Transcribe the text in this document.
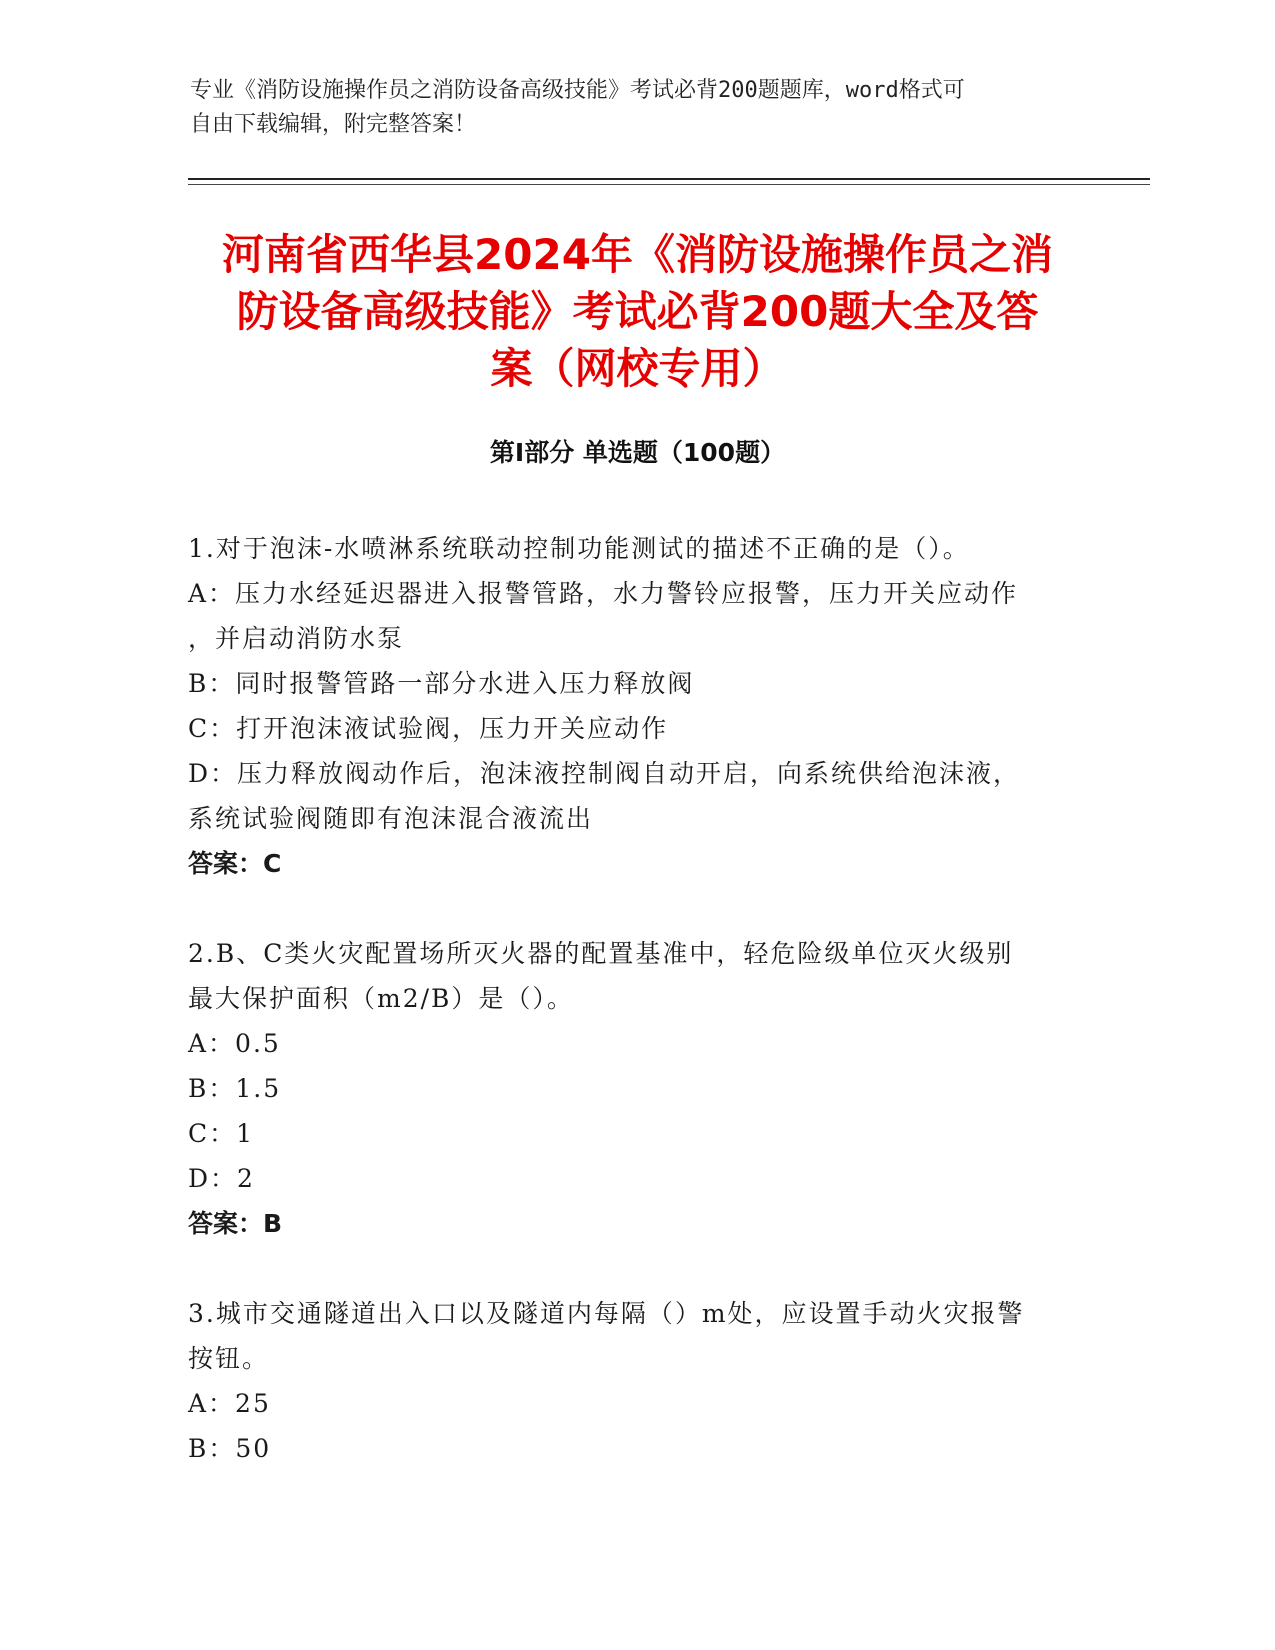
专业《消防设施操作员之消防设备高级技能》考试必背200题题库，word格式可
自由下载编辑，附完整答案！
河南省西华县2024年《消防设施操作员之消
防设备高级技能》考试必背200题大全及答
案（网校专用）
第I部分 单选题（100题）
1.对于泡沫-水喷淋系统联动控制功能测试的描述不正确的是（）。
A：压力水经延迟器进入报警管路，水力警铃应报警，压力开关应动作
，并启动消防水泵
B：同时报警管路一部分水进入压力释放阀
C：打开泡沫液试验阀，压力开关应动作
D：压力释放阀动作后，泡沫液控制阀自动开启，向系统供给泡沫液，
系统试验阀随即有泡沫混合液流出
答案：C
2.B、C类火灾配置场所灭火器的配置基准中，轻危险级单位灭火级别
最大保护面积（m2/B）是（）。
A：0.5
B：1.5
C：1
D：2
答案：B
3.城市交通隧道出入口以及隧道内每隔（）m处，应设置手动火灾报警
按钮。
A：25
B：50
